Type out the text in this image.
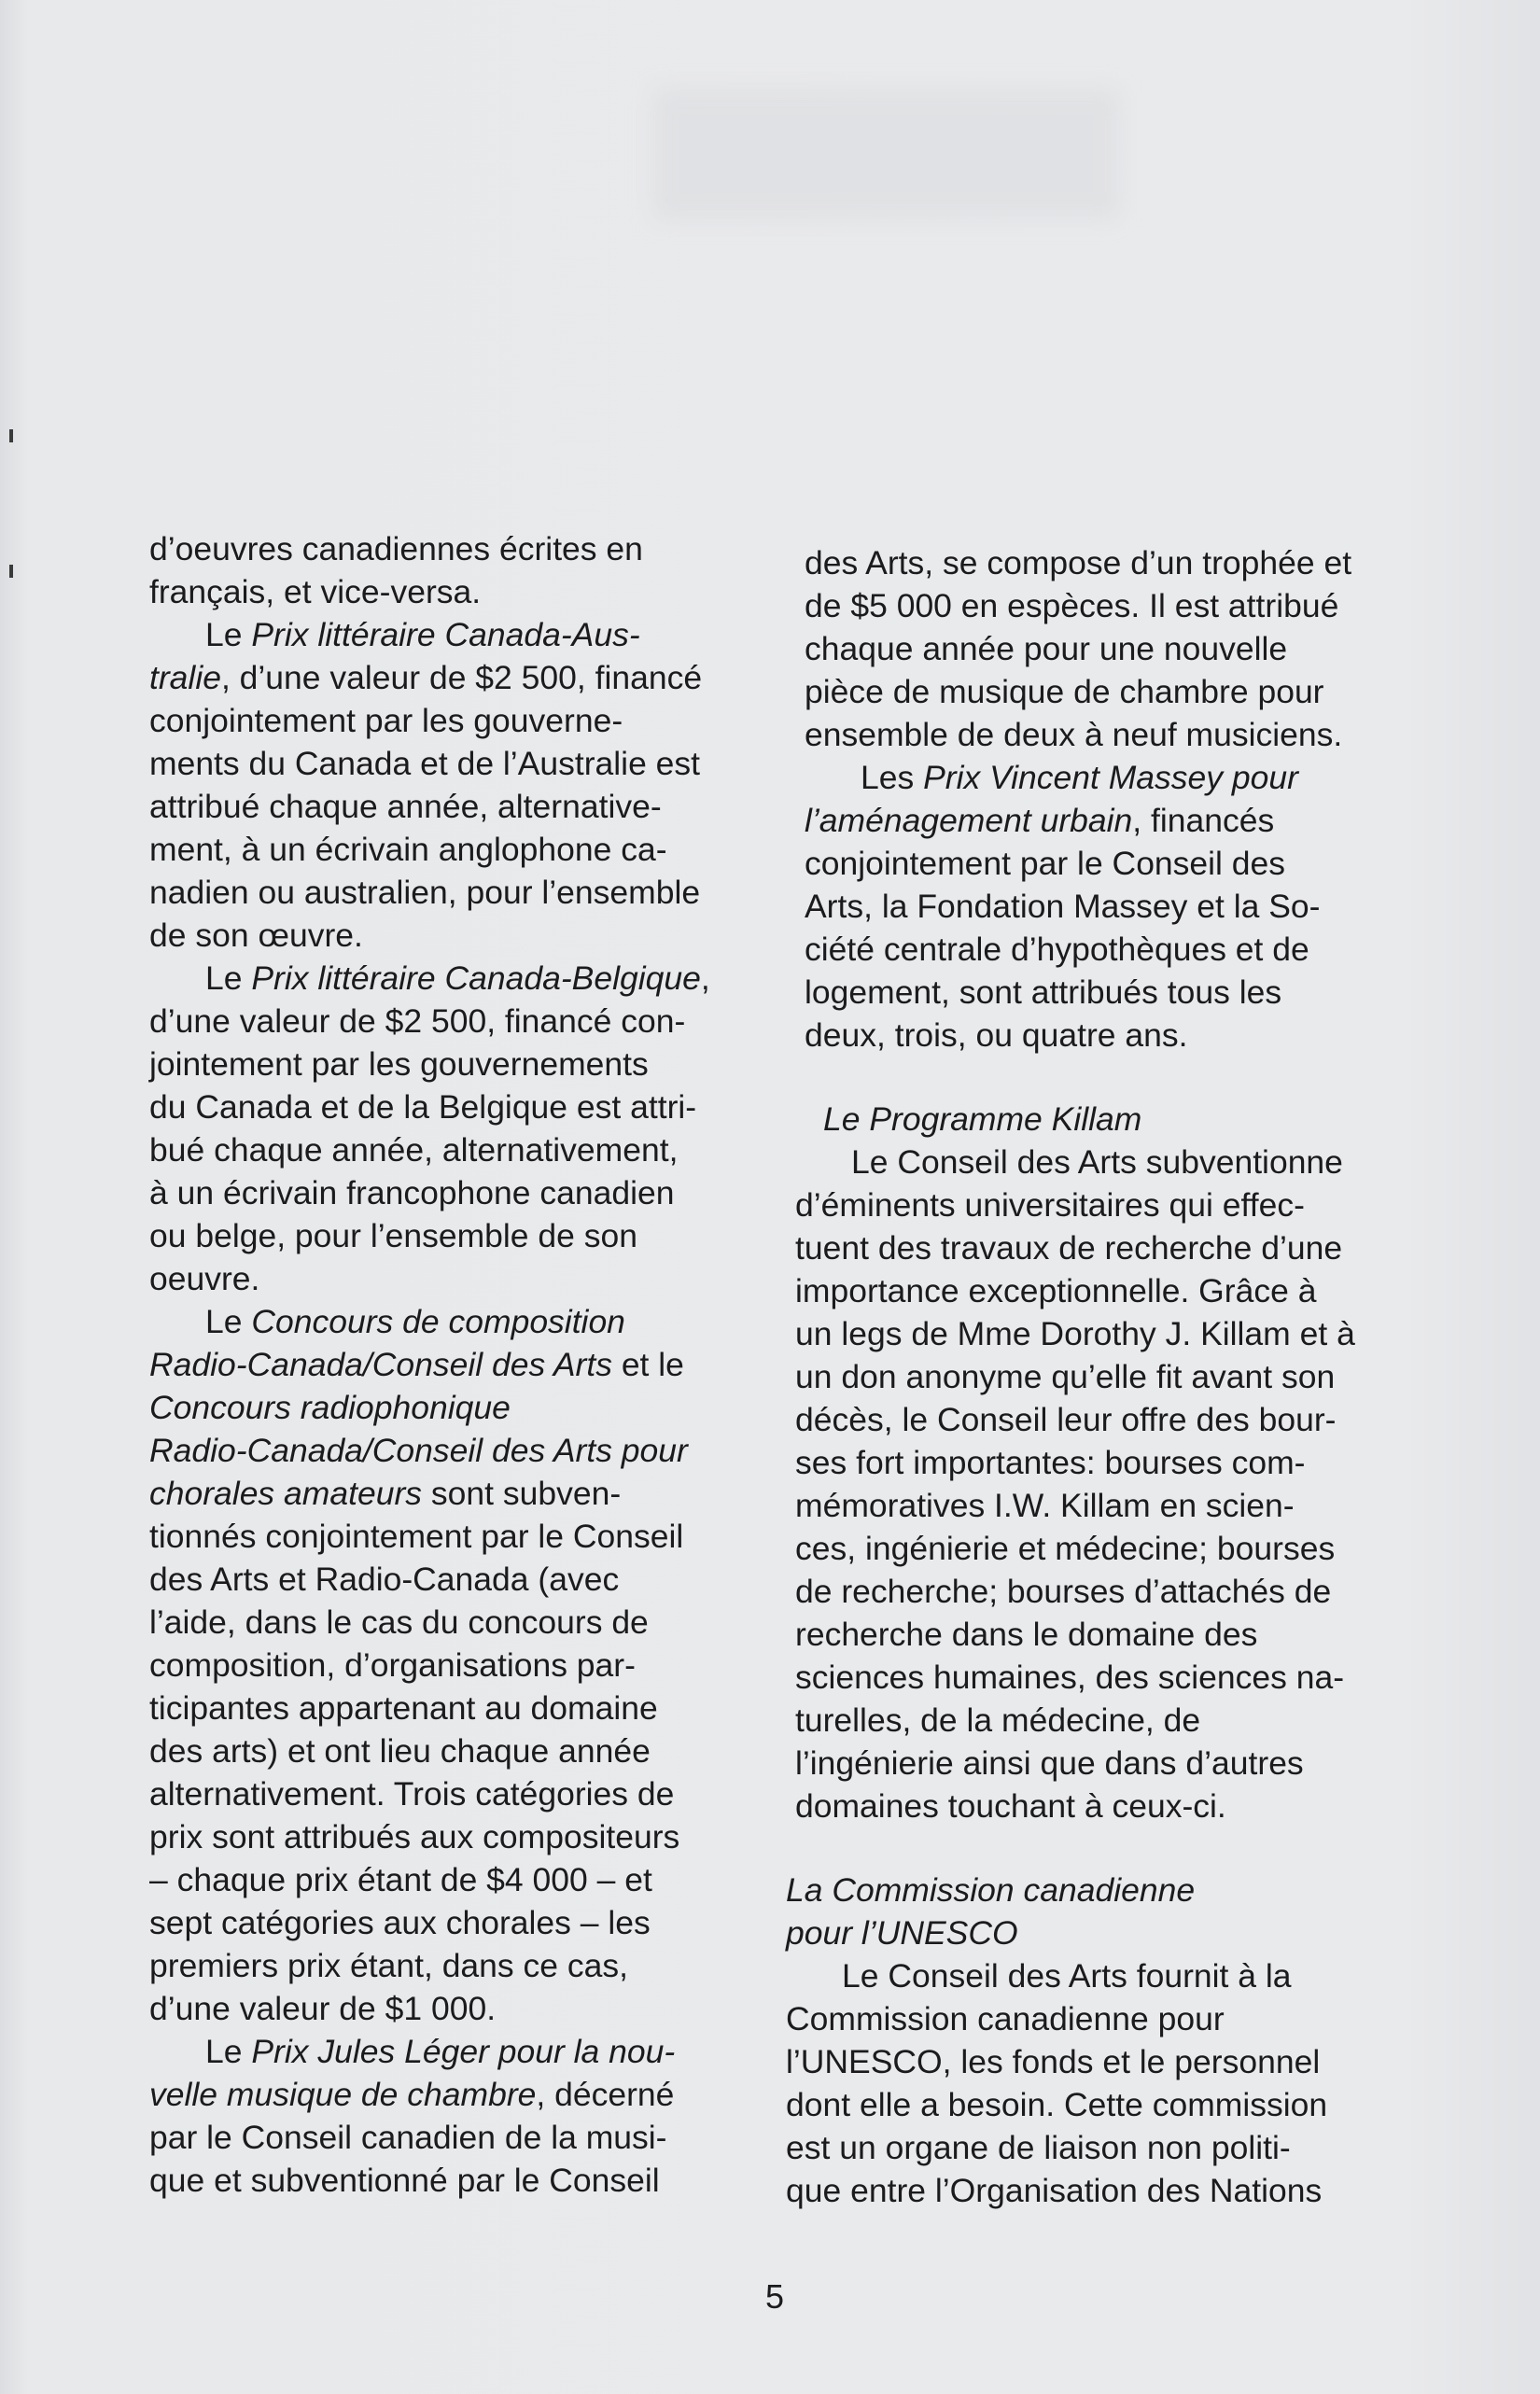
d’oeuvres canadiennes écrites en
français, et vice-versa.
Le Prix littéraire Canada-Aus-
tralie, d’une valeur de $2 500, financé
conjointement par les gouverne-
ments du Canada et de l’Australie est
attribué chaque année, alternative-
ment, à un écrivain anglophone ca-
nadien ou australien, pour l’ensemble
de son œuvre.
Le Prix littéraire Canada-Belgique,
d’une valeur de $2 500, financé con-
jointement par les gouvernements
du Canada et de la Belgique est attri-
bué chaque année, alternativement,
à un écrivain francophone canadien
ou belge, pour l’ensemble de son
oeuvre.
Le Concours de composition
Radio-Canada/Conseil des Arts et le
Concours radiophonique
Radio-Canada/Conseil des Arts pour
chorales amateurs sont subven-
tionnés conjointement par le Conseil
des Arts et Radio-Canada (avec
l’aide, dans le cas du concours de
composition, d’organisations par-
ticipantes appartenant au domaine
des arts) et ont lieu chaque année
alternativement. Trois catégories de
prix sont attribués aux compositeurs
– chaque prix étant de $4 000 – et
sept catégories aux chorales – les
premiers prix étant, dans ce cas,
d’une valeur de $1 000.
Le Prix Jules Léger pour la nou-
velle musique de chambre, décerné
par le Conseil canadien de la musi-
que et subventionné par le Conseil
des Arts, se compose d’un trophée et
de $5 000 en espèces. Il est attribué
chaque année pour une nouvelle
pièce de musique de chambre pour
ensemble de deux à neuf musiciens.
Les Prix Vincent Massey pour
l’aménagement urbain, financés
conjointement par le Conseil des
Arts, la Fondation Massey et la So-
ciété centrale d’hypothèques et de
logement, sont attribués tous les
deux, trois, ou quatre ans.
Le Programme Killam
Le Conseil des Arts subventionne
d’éminents universitaires qui effec-
tuent des travaux de recherche d’une
importance exceptionnelle. Grâce à
un legs de Mme Dorothy J. Killam et à
un don anonyme qu’elle fit avant son
décès, le Conseil leur offre des bour-
ses fort importantes: bourses com-
mémoratives I.W. Killam en scien-
ces, ingénierie et médecine; bourses
de recherche; bourses d’attachés de
recherche dans le domaine des
sciences humaines, des sciences na-
turelles, de la médecine, de
l’ingénierie ainsi que dans d’autres
domaines touchant à ceux-ci.
La Commission canadienne
pour l’UNESCO
Le Conseil des Arts fournit à la
Commission canadienne pour
l’UNESCO, les fonds et le personnel
dont elle a besoin. Cette commission
est un organe de liaison non politi-
que entre l’Organisation des Nations
5
